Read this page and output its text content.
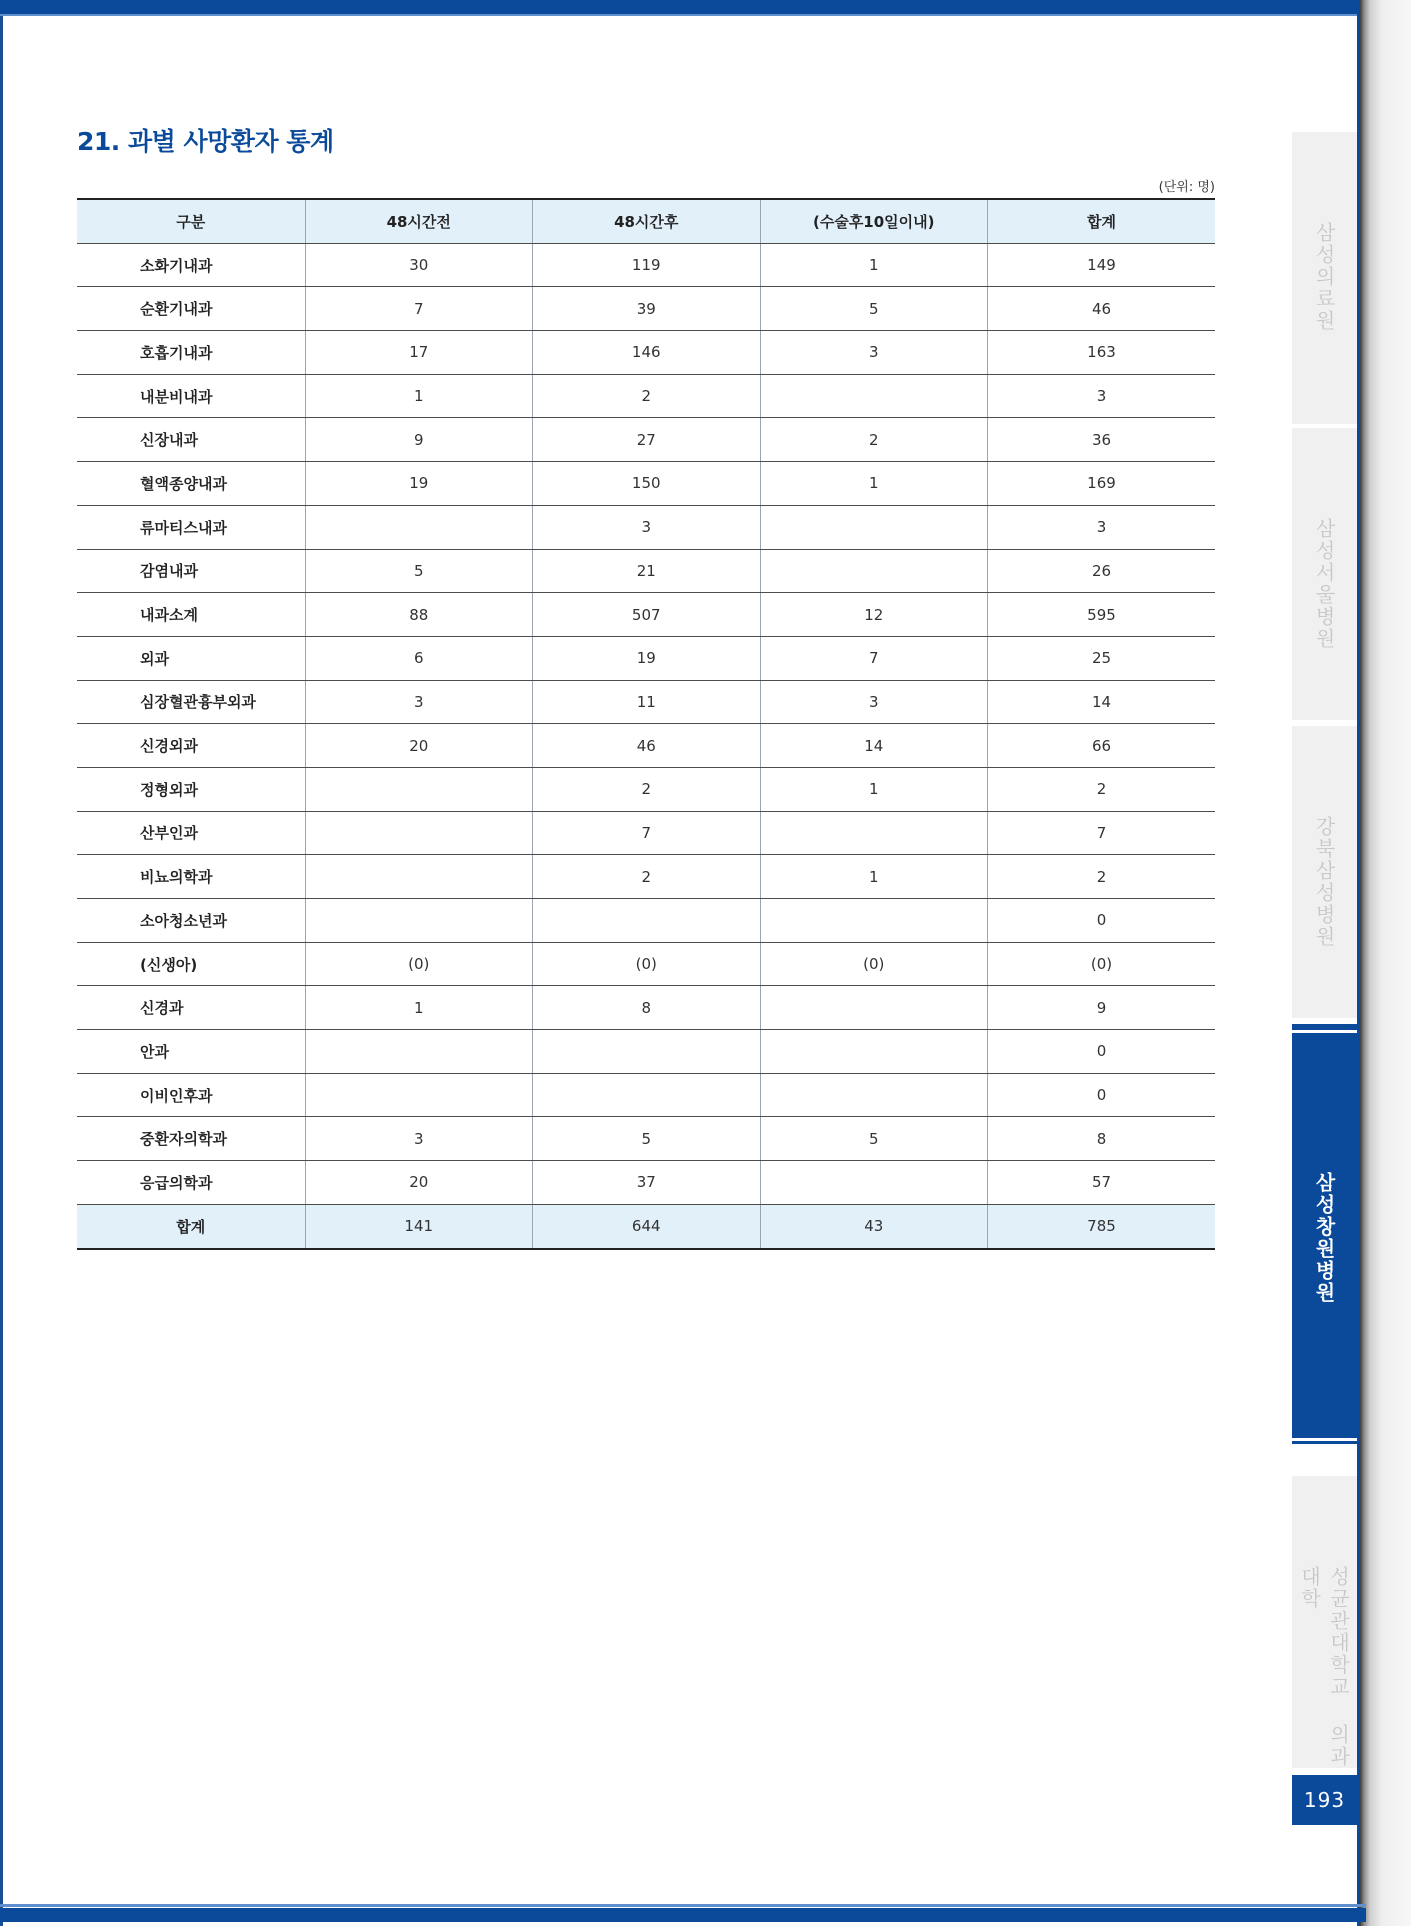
21. 과별 사망환자 통계
(단위: 명)
구분	48시간전	48시간후	(수술후10일이내)	합계
소화기내과	30	119	1	149
순환기내과	7	39	5	46
호흡기내과	17	146	3	163
내분비내과	1	2		3
신장내과	9	27	2	36
혈액종양내과	19	150	1	169
류마티스내과		3		3
감염내과	5	21		26
내과소계	88	507	12	595
외과	6	19	7	25
심장혈관흉부외과	3	11	3	14
신경외과	20	46	14	66
정형외과		2	1	2
산부인과		7		7
비뇨의학과		2	1	2
소아청소년과				0
(신생아)	(0)	(0)	(0)	(0)
신경과	1	8		9
안과				0
이비인후과				0
중환자의학과	3	5	5	8
응급의학과	20	37		57
합계	141	644	43	785
삼성의료원
삼성서울병원
강북삼성병원
삼성창원병원
성균관대학교 의과대학
193
